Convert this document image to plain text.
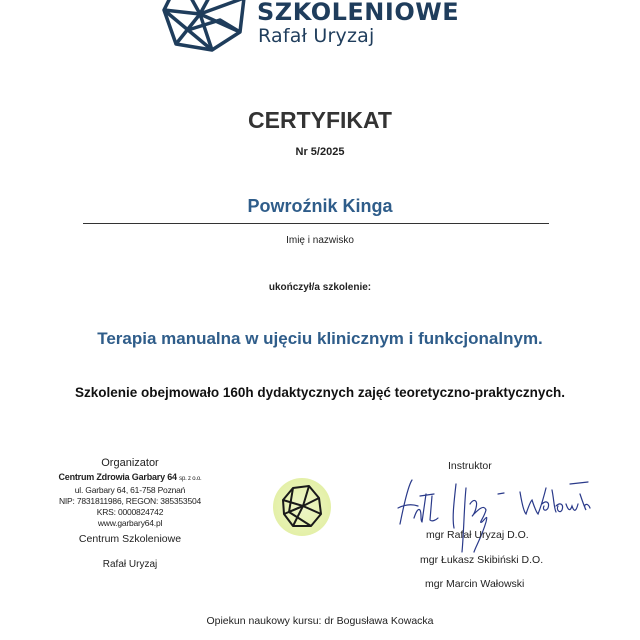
SZKOLENIOWE
Rafał Uryzaj
CERTYFIKAT
Nr 5/2025
Powroźnik Kinga
Imię i nazwisko
ukończył/a szkolenie:
Terapia manualna w ujęciu klinicznym i funkcjonalnym.
Szkolenie obejmowało 160h dydaktycznych zajęć teoretyczno-praktycznych.
Organizator
Centrum Zdrowia Garbary 64 sp. z o.o.
ul. Garbary 64, 61-758 Poznań
NIP: 7831811986, REGON: 385353504
KRS: 0000824742
www.garbary64.pl
Centrum Szkoleniowe
Rafał Uryzaj
Instruktor
mgr Rafał Uryzaj D.O.
mgr Łukasz Skibiński D.O.
mgr Marcin Wałowski
Opiekun naukowy kursu: dr Bogusława Kowacka
